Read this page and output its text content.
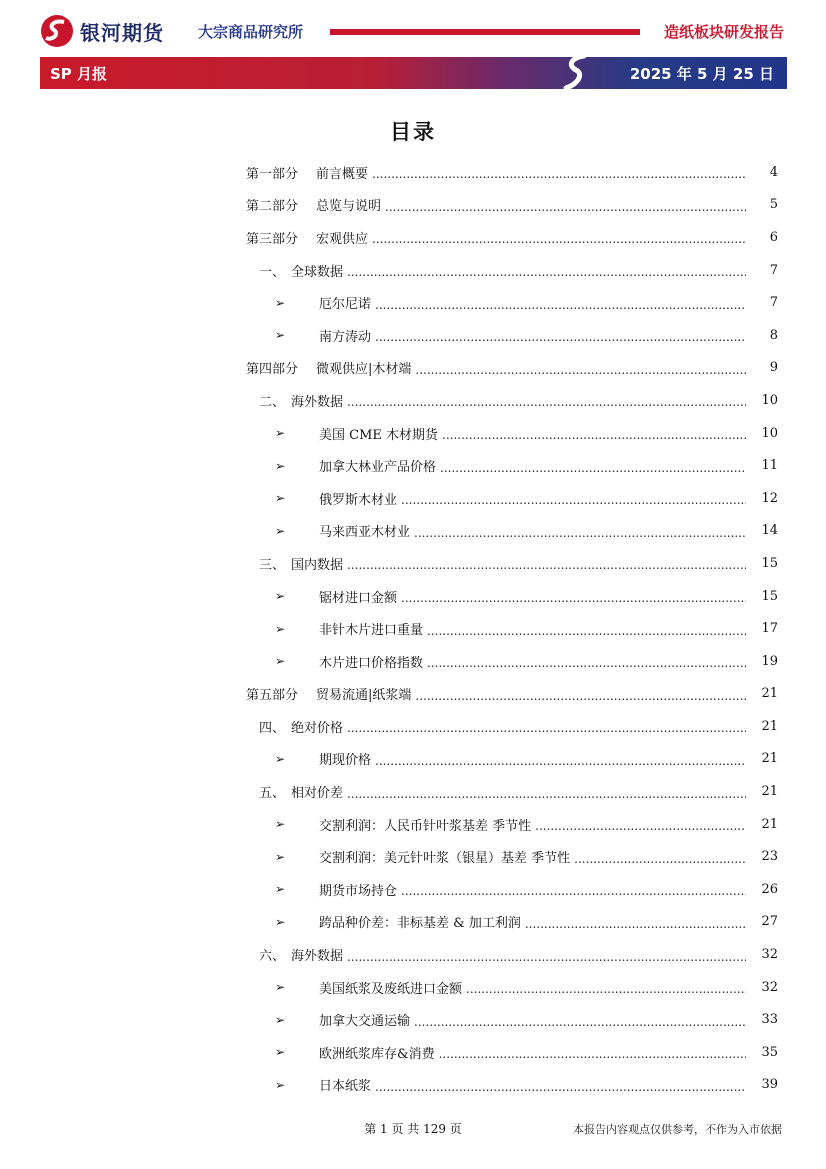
银河期货 大宗商品研究所	造纸板块研发报告
SP 月报	2025 年 5 月 25 日
目录
第一部分	前言概要 .....	4
第二部分	总览与说明 .....	5
第三部分	宏观供应 .....	6
一、 全球数据 .....	7
➢	厄尔尼诺 .....	7
➢	南方涛动 .....	8
第四部分	微观供应|木材端 .....	9
二、 海外数据 .....	10
➢	美国 CME 木材期货 .....	10
➢	加拿大林业产品价格 .....	11
➢	俄罗斯木材业 .....	12
➢	马来西亚木材业 .....	14
三、 国内数据 .....	15
➢	锯材进口金额 .....	15
➢	非针木片进口重量 .....	17
➢	木片进口价格指数 .....	19
第五部分	贸易流通|纸浆端 .....	21
四、 绝对价格 .....	21
➢	期现价格 .....	21
五、 相对价差 .....	21
➢	交割利润：人民币针叶浆基差 季节性 .....	21
➢	交割利润：美元针叶浆（银星）基差 季节性 .....	23
➢	期货市场持仓 .....	26
➢	跨品种价差：非标基差 & 加工利润 .....	27
六、 海外数据 .....	32
➢	美国纸浆及废纸进口金额 .....	32
➢	加拿大交通运输 .....	33
➢	欧洲纸浆库存&消费 .....	35
➢	日本纸浆 .....	39
第 1 页 共 129 页	本报告内容观点仅供参考，不作为入市依据
